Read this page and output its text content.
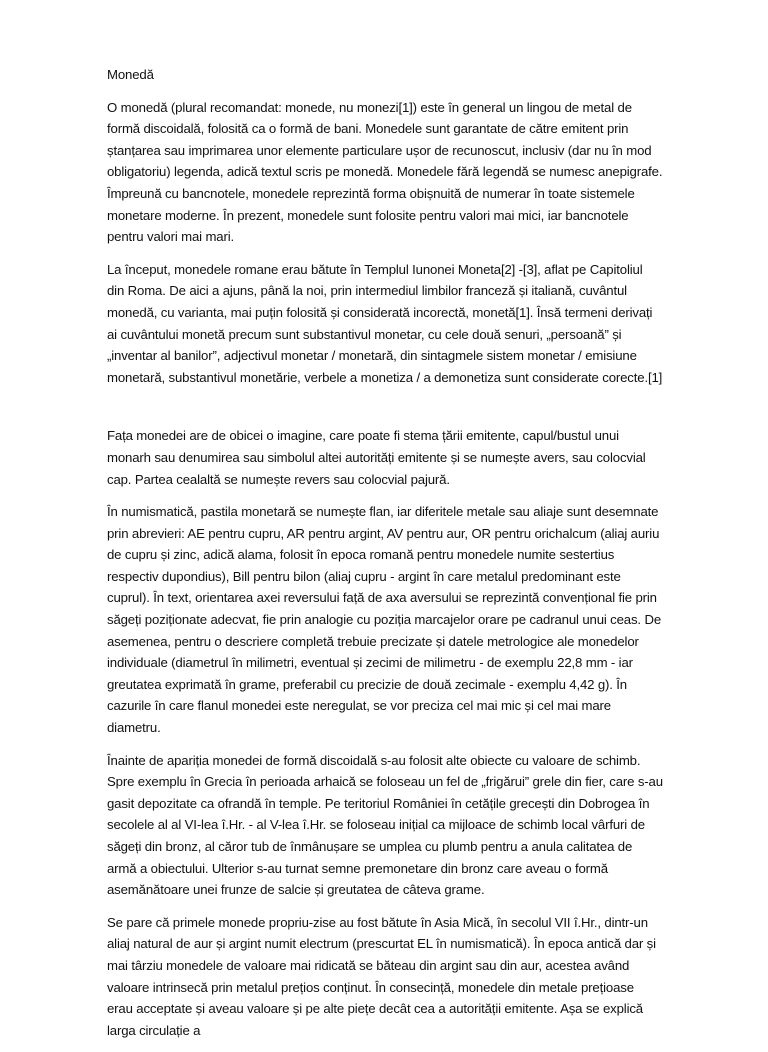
Monedă

O monedă (plural recomandat: monede, nu monezi[1]) este în general un lingou de metal de formă discoidală, folosită ca o formă de bani. Monedele sunt garantate de către emitent prin ștanțarea sau imprimarea unor elemente particulare ușor de recunoscut, inclusiv (dar nu în mod obligatoriu) legenda, adică textul scris pe monedă. Monedele fără legendă se numesc anepigrafe. Împreună cu bancnotele, monedele reprezintă forma obișnuită de numerar în toate sistemele monetare moderne. În prezent, monedele sunt folosite pentru valori mai mici, iar bancnotele pentru valori mai mari.

La început, monedele romane erau bătute în Templul Iunonei Moneta[2] -[3], aflat pe Capitoliul din Roma. De aici a ajuns, până la noi, prin intermediul limbilor franceză și italiană, cuvântul monedă, cu varianta, mai puțin folosită și considerată incorectă, monetă[1]. Însă termeni derivați ai cuvântului monetă precum sunt substantivul monetar, cu cele două senuri, „persoană” și „inventar al banilor”, adjectivul monetar / monetară, din sintagmele sistem monetar / emisiune monetară, substantivul monetărie, verbele a monetiza / a demonetiza sunt considerate corecte.[1]

Fața monedei are de obicei o imagine, care poate fi stema țării emitente, capul/bustul unui monarh sau denumirea sau simbolul altei autorități emitente și se numește avers, sau colocvial cap. Partea cealaltă se numește revers sau colocvial pajură.

În numismatică, pastila monetară se numește flan, iar diferitele metale sau aliaje sunt desemnate prin abrevieri: AE pentru cupru, AR pentru argint, AV pentru aur, OR pentru orichalcum (aliaj auriu de cupru și zinc, adică alama, folosit în epoca romană pentru monedele numite sestertius respectiv dupondius), Bill pentru bilon (aliaj cupru - argint în care metalul predominant este cuprul). În text, orientarea axei reversului față de axa aversului se reprezintă convențional fie prin săgeți poziționate adecvat, fie prin analogie cu poziția marcajelor orare pe cadranul unui ceas. De asemenea, pentru o descriere completă trebuie precizate și datele metrologice ale monedelor individuale (diametrul în milimetri, eventual și zecimi de milimetru - de exemplu 22,8 mm - iar greutatea exprimată în grame, preferabil cu precizie de două zecimale - exemplu 4,42 g). În cazurile în care flanul monedei este neregulat, se vor preciza cel mai mic și cel mai mare diametru.

Înainte de apariția monedei de formă discoidală s-au folosit alte obiecte cu valoare de schimb. Spre exemplu în Grecia în perioada arhaică se foloseau un fel de „frigărui” grele din fier, care s-au gasit depozitate ca ofrandă în temple. Pe teritoriul României în cetățile grecești din Dobrogea în secolele al al VI-lea î.Hr. - al V-lea î.Hr. se foloseau inițial ca mijloace de schimb local vârfuri de săgeți din bronz, al căror tub de înmânușare se umplea cu plumb pentru a anula calitatea de armă a obiectului. Ulterior s-au turnat semne premonetare din bronz care aveau o formă asemănătoare unei frunze de salcie și greutatea de câteva grame.

Se pare că primele monede propriu-zise au fost bătute în Asia Mică, în secolul VII î.Hr., dintr-un aliaj natural de aur și argint numit electrum (prescurtat EL în numismatică). În epoca antică dar și mai târziu monedele de valoare mai ridicată se băteau din argint sau din aur, acestea având valoare intrinsecă prin metalul prețios conținut. În consecință, monedele din metale prețioase erau acceptate și aveau valoare și pe alte piețe decât cea a autorității emitente. Așa se explică larga circulație a
